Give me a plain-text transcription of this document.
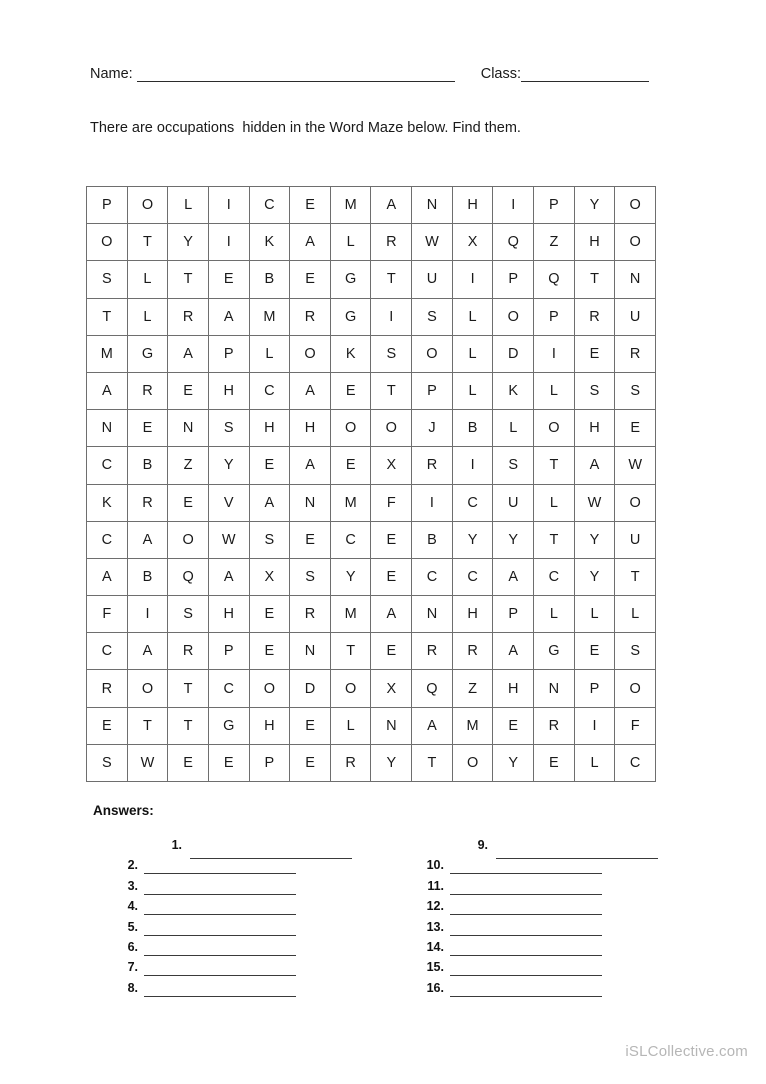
Name:	Class:
There are occupations  hidden in the Word Maze below. Find them.
P	O	L	I	C	E	M	A	N	H	I	P	Y	O
O	T	Y	I	K	A	L	R	W	X	Q	Z	H	O
S	L	T	E	B	E	G	T	U	I	P	Q	T	N
T	L	R	A	M	R	G	I	S	L	O	P	R	U
M	G	A	P	L	O	K	S	O	L	D	I	E	R
A	R	E	H	C	A	E	T	P	L	K	L	S	S
N	E	N	S	H	H	O	O	J	B	L	O	H	E
C	B	Z	Y	E	A	E	X	R	I	S	T	A	W
K	R	E	V	A	N	M	F	I	C	U	L	W	O
C	A	O	W	S	E	C	E	B	Y	Y	T	Y	U
A	B	Q	A	X	S	Y	E	C	C	A	C	Y	T
F	I	S	H	E	R	M	A	N	H	P	L	L	L
C	A	R	P	E	N	T	E	R	R	A	G	E	S
R	O	T	C	O	D	O	X	Q	Z	H	N	P	O
E	T	T	G	H	E	L	N	A	M	E	R	I	F
S	W	E	E	P	E	R	Y	T	O	Y	E	L	C
Answers:
1.
2.
3.
4.
5.
6.
7.
8.
9.
10.
11.
12.
13.
14.
15.
16.
iSLCollective.com
